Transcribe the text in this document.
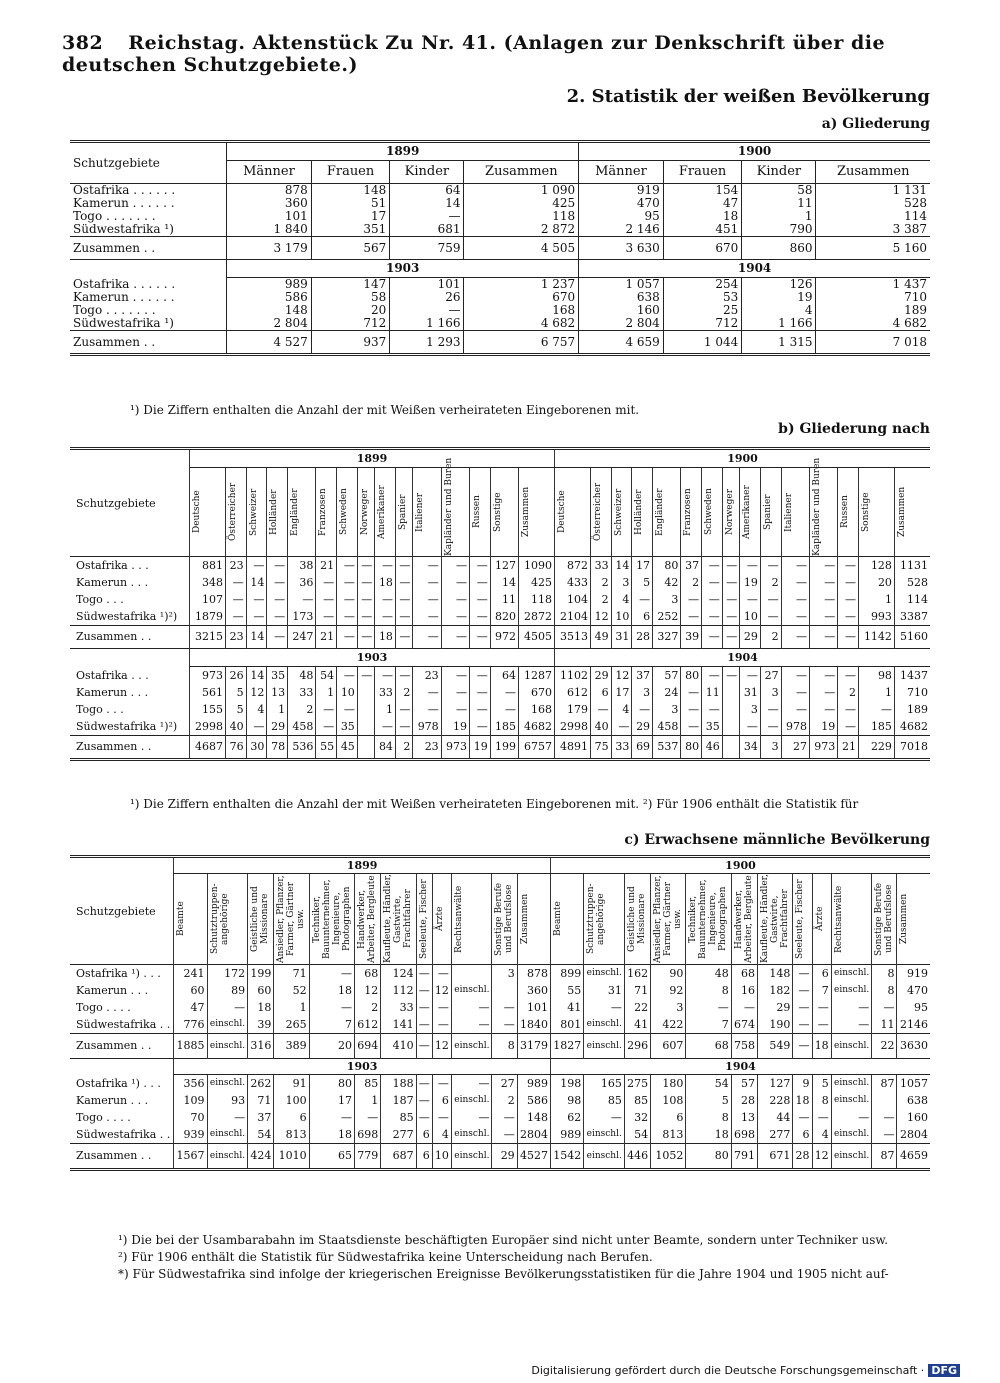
382 Reichstag. Aktenstück Zu Nr. 41. (Anlagen zur Denkschrift über die deutschen Schutzgebiete.)
2. Statistik der weißen Bevölkerung
a) Gliederung
Schutzgebiete	1899				1900			
	Männer	Frauen	Kinder	Zusammen	Männer	Frauen	Kinder	Zusammen
Ostafrika . . . . . .	878	148	64	1 090	919	154	58	1 131
Kamerun . . . . . .	360	51	14	425	470	47	11	528
Togo . . . . . . .	101	17	—	118	95	18	1	114
Südwestafrika ¹)	1 840	351	681	2 872	2 146	451	790	3 387
Zusammen . .	3 179	567	759	4 505	3 630	670	860	5 160
	1903				1904			
Ostafrika . . . . . .	989	147	101	1 237	1 057	254	126	1 437
Kamerun . . . . . .	586	58	26	670	638	53	19	710
Togo . . . . . . .	148	20	—	168	160	25	4	189
Südwestafrika ¹)	2 804	712	1 166	4 682	2 804	712	1 166	4 682
Zusammen . .	4 527	937	1 293	6 757	4 659	1 044	1 315	7 018
¹) Die Ziffern enthalten die Anzahl der mit Weißen verheirateten Eingeborenen mit.
b) Gliederung nach
Schutzgebiete	1899															1900														

	Deutsche	Österreicher	Schweizer	Holländer	Engländer	Franzosen	Schweden	Norweger	Amerikaner	Spanier	Italiener	Kapländer und Buren	Russen	Sonstige	Zusammen	Deutsche	Österreicher	Schweizer	Holländer	Engländer	Franzosen	Schweden	Norweger	Amerikaner	Spanier	Italiener	Kapländer und Buren	Russen	Sonstige	Zusammen

Ostafrika . . .	881	23	—	—	38	21	—	—	—	—	—	—	—	127	1090	872	33	14	17	80	37	—	—	—	—	—	—	—	128	1131
Kamerun . . .	348	—	14	—	36	—	—	—	18	—	—	—	—	14	425	433	2	3	5	42	2	—	—	19	2	—	—	—	20	528
Togo . . .	107	—	—	—	—	—	—	—	—	—	—	—	—	11	118	104	2	4	—	3	—	—	—	—	—	—	—	—	1	114
Südwestafrika ¹)²)	1879	—	—	—	173	—	—	—	—	—	—	—	—	820	2872	2104	12	10	6	252	—	—	—	10	—	—	—	—	993	3387
Zusammen . .	3215	23	14	—	247	21	—	—	18	—	—	—	—	972	4505	3513	49	31	28	327	39	—	—	29	2	—	—	—	1142	5160
	1903															1904														
Ostafrika . . .	973	26	14	35	48	54	—	—	—	—	23	—	—	64	1287	1102	29	12	37	57	80	—	—	—	27	—	—	—	98	1437
Kamerun . . .	561	5	12	13	33	1	10		33	2	—	—	—	—	670	612	6	17	3	24	—	11		31	3	—	—	2	1	710
Togo . . .	155	5	4	1	2	—	—		1	—	—	—	—	—	168	179	—	4	—	3	—	—		3	—	—	—	—	—	189
Südwestafrika ¹)²)	2998	40	—	29	458	—	35		—	—	978	19	—	185	4682	2998	40	—	29	458	—	35		—	—	978	19	—	185	4682
Zusammen . .	4687	76	30	78	536	55	45		84	2	23	973	19	199	6757	4891	75	33	69	537	80	46		34	3	27	973	21	229	7018
¹) Die Ziffern enthalten die Anzahl der mit Weißen verheirateten Eingeborenen mit. ²) Für 1906 enthält die Statistik für
c) Erwachsene männliche Bevölkerung
Schutzgebiete	1899												1900											

	Beamte	Schutztruppen-angehörige	Geistliche und Missionare	Ansiedler, Pflanzer, Farmer, Gärtner usw.	Techniker, Bauunternehmer, Ingenieure, Photographen	Handwerker, Arbeiter, Bergleute	Kaufleute, Händler, Gastwirte, Frachtfahrer	Seeleute, Fischer	Ärzte	Rechtsanwälte	Sonstige Berufe und Berufslose	Zusammen	Beamte	Schutztruppen-angehörige	Geistliche und Missionare	Ansiedler, Pflanzer, Farmer, Gärtner usw.	Techniker, Bauunternehmer, Ingenieure, Photographen	Handwerker, Arbeiter, Bergleute	Kaufleute, Händler, Gastwirte, Frachtfahrer	Seeleute, Fischer	Ärzte	Rechtsanwälte	Sonstige Berufe und Berufslose	Zusammen

Ostafrika ¹) . . .	241	172	199	71	—	68	124	—	—		3	878	899	einschl.	162	90	48	68	148	—	6	einschl.	8	919
Kamerun . . .	60	89	60	52	18	12	112	—	12	einschl.		360	55	31	71	92	8	16	182	—	7	einschl.	8	470
Togo . . . .	47	—	18	1	—	2	33	—	—	—	—	101	41	—	22	3	—	—	29	—	—	—	—	95
Südwestafrika . .	776	einschl.	39	265	7	612	141	—	—	—	—	1840	801	einschl.	41	422	7	674	190	—	—	—	11	2146
Zusammen . .	1885	einschl.	316	389	20	694	410	—	12	einschl.	8	3179	1827	einschl.	296	607	68	758	549	—	18	einschl.	22	3630
	1903												1904											
Ostafrika ¹) . . .	356	einschl.	262	91	80	85	188	—	—	—	27	989	198	165	275	180	54	57	127	9	5	einschl.	87	1057
Kamerun . . .	109	93	71	100	17	1	187	—	6	einschl.	2	586	98	85	85	108	5	28	228	18	8	einschl.		638
Togo . . . .	70	—	37	6	—	—	85	—	—	—	—	148	62	—	32	6	8	13	44	—	—	—	—	160
Südwestafrika . .	939	einschl.	54	813	18	698	277	6	4	einschl.	—	2804	989	einschl.	54	813	18	698	277	6	4	einschl.	—	2804
Zusammen . .	1567	einschl.	424	1010	65	779	687	6	10	einschl.	29	4527	1542	einschl.	446	1052	80	791	671	28	12	einschl.	87	4659
¹) Die bei der Usambarabahn im Staatsdienste beschäftigten Europäer sind nicht unter Beamte, sondern unter Techniker usw.
²) Für 1906 enthält die Statistik für Südwestafrika keine Unterscheidung nach Berufen.
*) Für Südwestafrika sind infolge der kriegerischen Ereignisse Bevölkerungsstatistiken für die Jahre 1904 und 1905 nicht auf-
Digitalisierung gefördert durch die Deutsche Forschungsgemeinschaft · DFG
